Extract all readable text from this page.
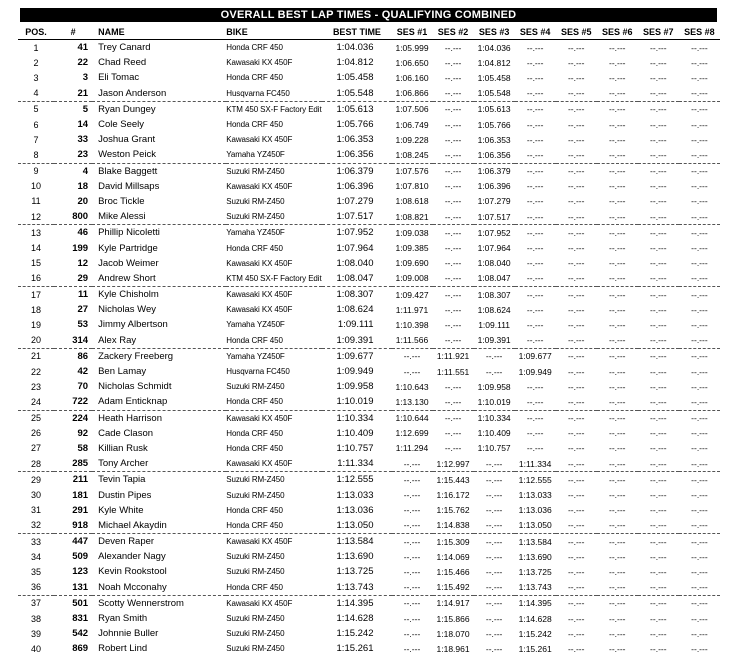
OVERALL BEST LAP TIMES - QUALIFYING COMBINED
POS.	#	NAME	BIKE	BEST TIME	SES #1	SES #2	SES #3	SES #4	SES #5	SES #6	SES #7	SES #8
1	41	Trey Canard	Honda CRF 450	1:04.036	1:05.999	--.---	1:04.036	--.---	--.---	--.---	--.---	--.---
2	22	Chad Reed	Kawasaki KX 450F	1:04.812	1:06.650	--.---	1:04.812	--.---	--.---	--.---	--.---	--.---
3	3	Eli Tomac	Honda CRF 450	1:05.458	1:06.160	--.---	1:05.458	--.---	--.---	--.---	--.---	--.---
4	21	Jason Anderson	Husqvarna FC450	1:05.548	1:06.866	--.---	1:05.548	--.---	--.---	--.---	--.---	--.---
5	5	Ryan Dungey	KTM 450 SX-F Factory Edit	1:05.613	1:07.506	--.---	1:05.613	--.---	--.---	--.---	--.---	--.---
6	14	Cole Seely	Honda CRF 450	1:05.766	1:06.749	--.---	1:05.766	--.---	--.---	--.---	--.---	--.---
7	33	Joshua Grant	Kawasaki KX 450F	1:06.353	1:09.228	--.---	1:06.353	--.---	--.---	--.---	--.---	--.---
8	23	Weston Peick	Yamaha YZ450F	1:06.356	1:08.245	--.---	1:06.356	--.---	--.---	--.---	--.---	--.---
9	4	Blake Baggett	Suzuki RM-Z450	1:06.379	1:07.576	--.---	1:06.379	--.---	--.---	--.---	--.---	--.---
10	18	David Millsaps	Kawasaki KX 450F	1:06.396	1:07.810	--.---	1:06.396	--.---	--.---	--.---	--.---	--.---
11	20	Broc Tickle	Suzuki RM-Z450	1:07.279	1:08.618	--.---	1:07.279	--.---	--.---	--.---	--.---	--.---
12	800	Mike Alessi	Suzuki RM-Z450	1:07.517	1:08.821	--.---	1:07.517	--.---	--.---	--.---	--.---	--.---
13	46	Phillip Nicoletti	Yamaha YZ450F	1:07.952	1:09.038	--.---	1:07.952	--.---	--.---	--.---	--.---	--.---
14	199	Kyle Partridge	Honda CRF 450	1:07.964	1:09.385	--.---	1:07.964	--.---	--.---	--.---	--.---	--.---
15	12	Jacob Weimer	Kawasaki KX 450F	1:08.040	1:09.690	--.---	1:08.040	--.---	--.---	--.---	--.---	--.---
16	29	Andrew Short	KTM 450 SX-F Factory Edit	1:08.047	1:09.008	--.---	1:08.047	--.---	--.---	--.---	--.---	--.---
17	11	Kyle Chisholm	Kawasaki KX 450F	1:08.307	1:09.427	--.---	1:08.307	--.---	--.---	--.---	--.---	--.---
18	27	Nicholas Wey	Kawasaki KX 450F	1:08.624	1:11.971	--.---	1:08.624	--.---	--.---	--.---	--.---	--.---
19	53	Jimmy Albertson	Yamaha YZ450F	1:09.111	1:10.398	--.---	1:09.111	--.---	--.---	--.---	--.---	--.---
20	314	Alex Ray	Honda CRF 450	1:09.391	1:11.566	--.---	1:09.391	--.---	--.---	--.---	--.---	--.---
21	86	Zackery Freeberg	Yamaha YZ450F	1:09.677	--.---	1:11.921	--.---	1:09.677	--.---	--.---	--.---	--.---
22	42	Ben Lamay	Husqvarna FC450	1:09.949	--.---	1:11.551	--.---	1:09.949	--.---	--.---	--.---	--.---
23	70	Nicholas Schmidt	Suzuki RM-Z450	1:09.958	1:10.643	--.---	1:09.958	--.---	--.---	--.---	--.---	--.---
24	722	Adam Enticknap	Honda CRF 450	1:10.019	1:13.130	--.---	1:10.019	--.---	--.---	--.---	--.---	--.---
25	224	Heath Harrison	Kawasaki KX 450F	1:10.334	1:10.644	--.---	1:10.334	--.---	--.---	--.---	--.---	--.---
26	92	Cade Clason	Honda CRF 450	1:10.409	1:12.699	--.---	1:10.409	--.---	--.---	--.---	--.---	--.---
27	58	Killian Rusk	Honda CRF 450	1:10.757	1:11.294	--.---	1:10.757	--.---	--.---	--.---	--.---	--.---
28	285	Tony Archer	Kawasaki KX 450F	1:11.334	--.---	1:12.997	--.---	1:11.334	--.---	--.---	--.---	--.---
29	211	Tevin Tapia	Suzuki RM-Z450	1:12.555	--.---	1:15.443	--.---	1:12.555	--.---	--.---	--.---	--.---
30	181	Dustin Pipes	Suzuki RM-Z450	1:13.033	--.---	1:16.172	--.---	1:13.033	--.---	--.---	--.---	--.---
31	291	Kyle White	Honda CRF 450	1:13.036	--.---	1:15.762	--.---	1:13.036	--.---	--.---	--.---	--.---
32	918	Michael Akaydin	Honda CRF 450	1:13.050	--.---	1:14.838	--.---	1:13.050	--.---	--.---	--.---	--.---
33	447	Deven Raper	Kawasaki KX 450F	1:13.584	--.---	1:15.309	--.---	1:13.584	--.---	--.---	--.---	--.---
34	509	Alexander Nagy	Suzuki RM-Z450	1:13.690	--.---	1:14.069	--.---	1:13.690	--.---	--.---	--.---	--.---
35	123	Kevin Rookstool	Suzuki RM-Z450	1:13.725	--.---	1:15.466	--.---	1:13.725	--.---	--.---	--.---	--.---
36	131	Noah Mcconahy	Honda CRF 450	1:13.743	--.---	1:15.492	--.---	1:13.743	--.---	--.---	--.---	--.---
37	501	Scotty Wennerstrom	Kawasaki KX 450F	1:14.395	--.---	1:14.917	--.---	1:14.395	--.---	--.---	--.---	--.---
38	831	Ryan Smith	Suzuki RM-Z450	1:14.628	--.---	1:15.866	--.---	1:14.628	--.---	--.---	--.---	--.---
39	542	Johnnie Buller	Suzuki RM-Z450	1:15.242	--.---	1:18.070	--.---	1:15.242	--.---	--.---	--.---	--.---
40	869	Robert Lind	Suzuki RM-Z450	1:15.261	--.---	1:18.961	--.---	1:15.261	--.---	--.---	--.---	--.---
